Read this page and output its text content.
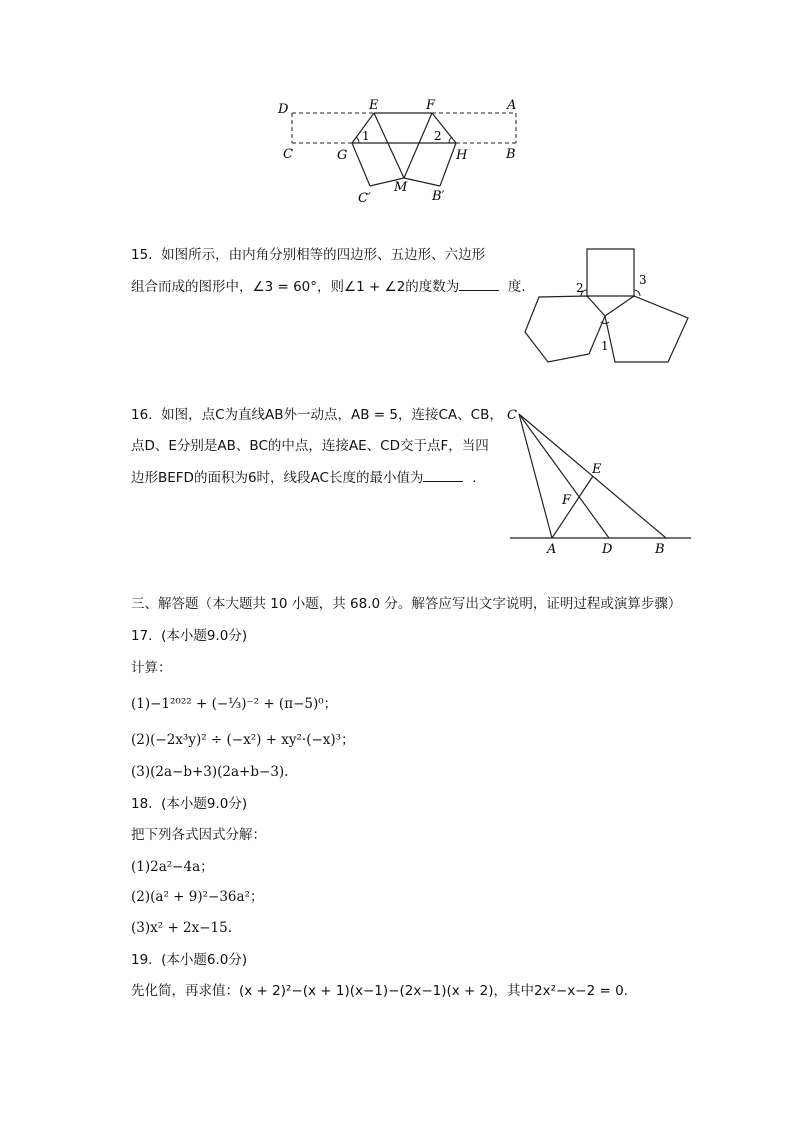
D	E	F	A
C	G	H	B
M
C′	B′
1	2
15. 如图所示，由内角分别相等的四边形、五边形、六边形
组合而成的图形中，∠3 = 60°，则∠1 + ∠2的度数为	度.	2
3
1
16. 如图，点C为直线AB外一动点，AB = 5，连接CA、CB，
点D、E分别是AB、BC的中点，连接AE、CD交于点F，当四
边形BEFD的面积为6时，线段AC长度的最小值为	.
C
E
F
A	D	B
三、解答题（本大题共 10 小题，共 68.0 分。解答应写出文字说明，证明过程或演算步骤）
17. (本小题9.0分)
计算：
(1)−1²⁰²² + (−⅓)⁻² + (π−5)⁰；
(2)(−2x³y)² ÷ (−x²) + xy²·(−x)³；
(3)(2a−b+3)(2a+b−3).
18. (本小题9.0分)
把下列各式因式分解：
(1)2a²−4a；
(2)(a² + 9)²−36a²；
(3)x² + 2x−15.
19. (本小题6.0分)
先化简，再求值：(x + 2)²−(x + 1)(x−1)−(2x−1)(x + 2)，其中2x²−x−2 = 0.
